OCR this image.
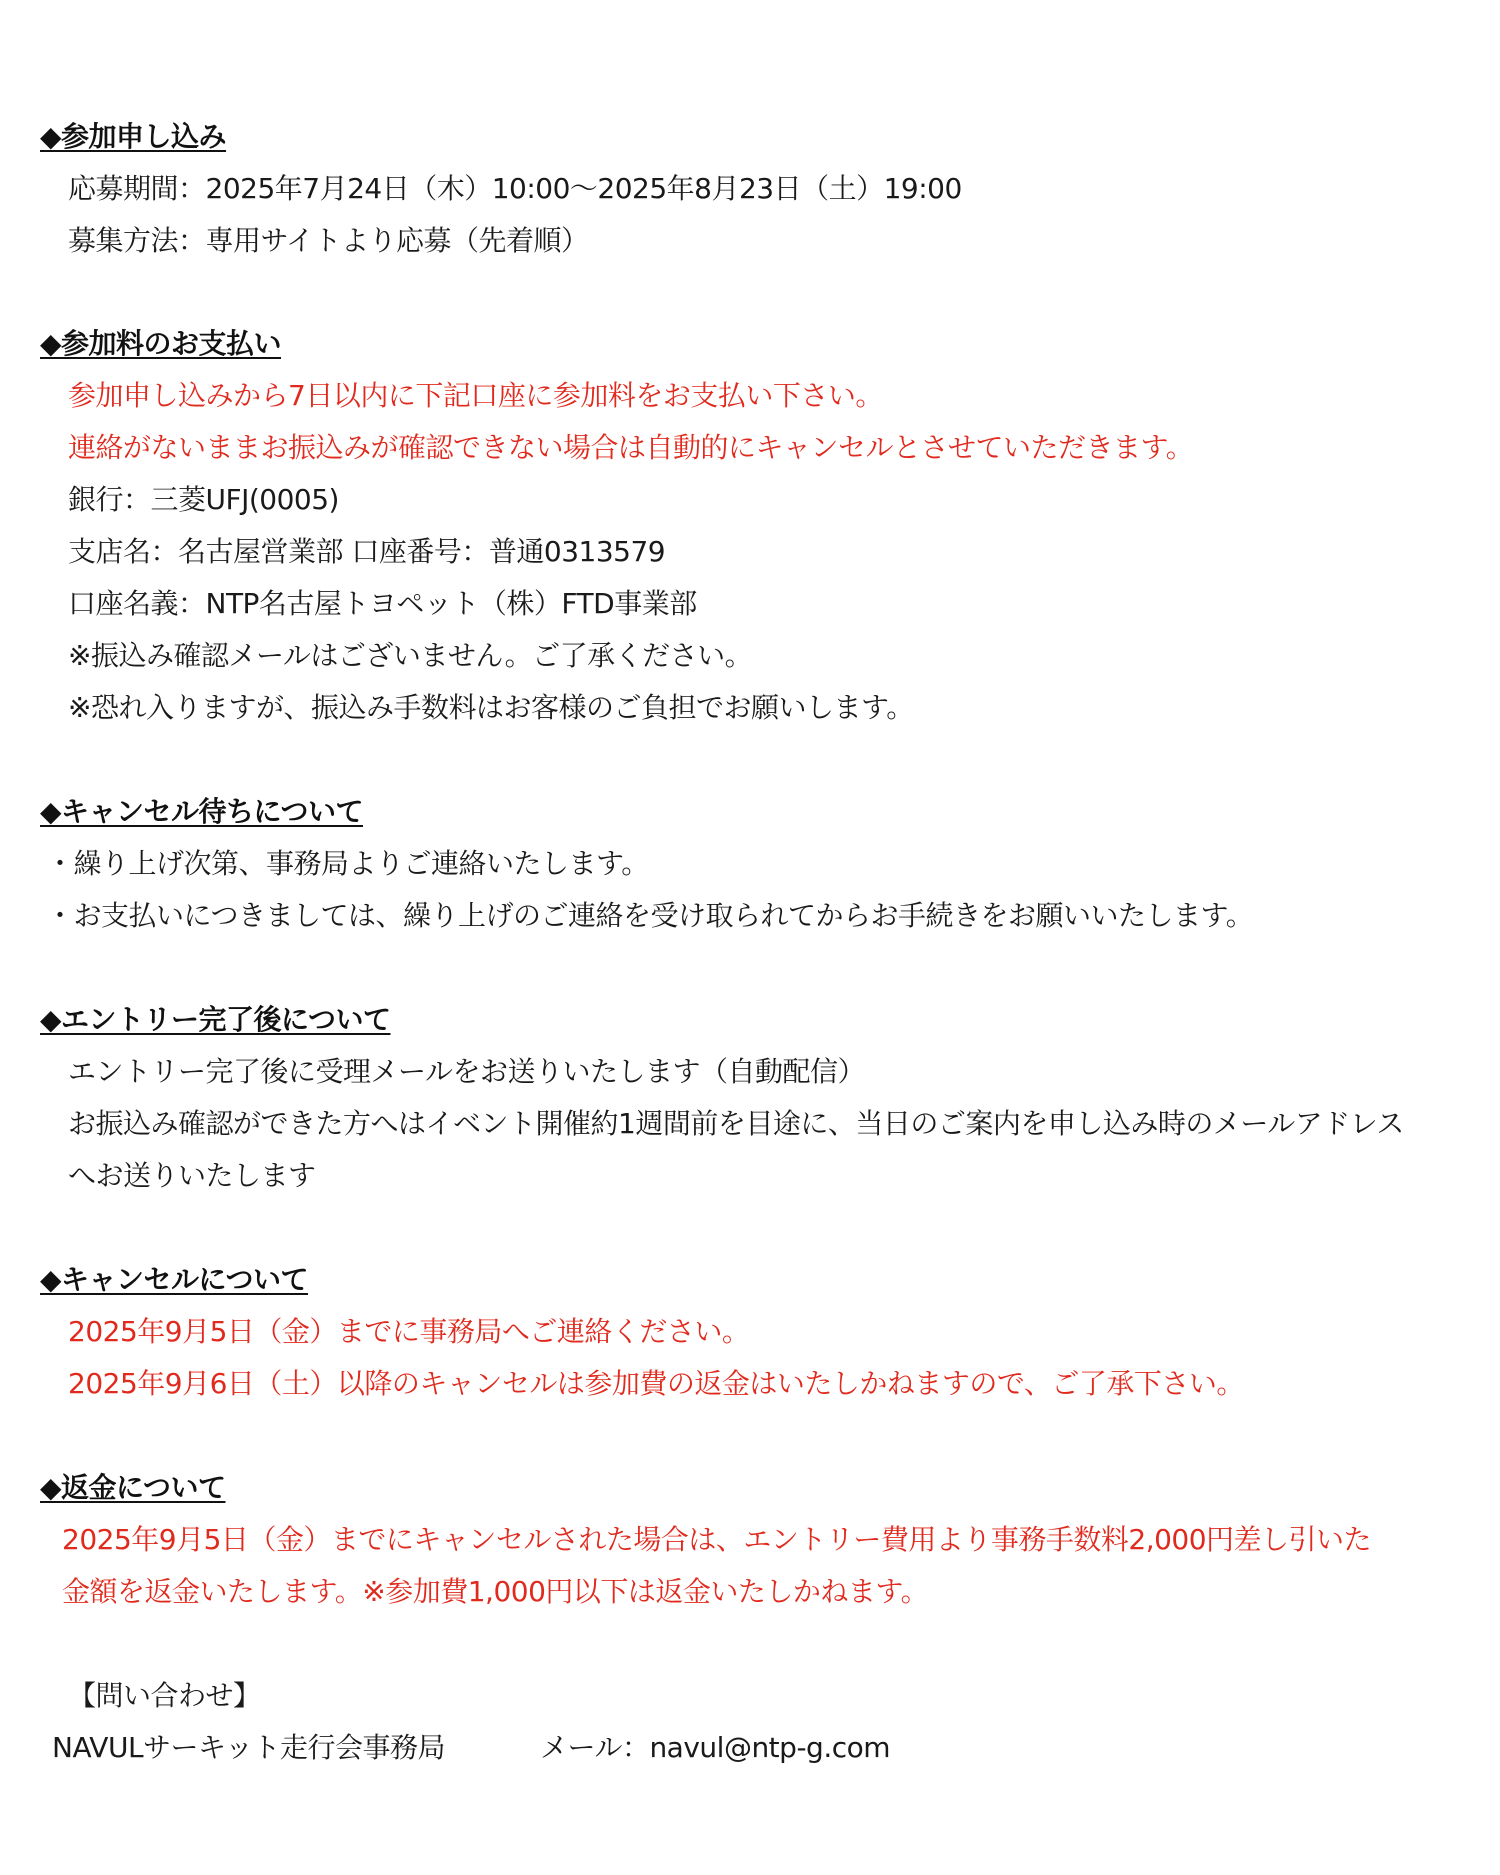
◆参加申し込み
応募期間：2025年7月24日（木）10:00～2025年8月23日（土）19:00
募集方法：専用サイトより応募（先着順）
◆参加料のお支払い
参加申し込みから7日以内に下記口座に参加料をお支払い下さい。
連絡がないままお振込みが確認できない場合は自動的にキャンセルとさせていただきます。
銀行：三菱UFJ(0005)
支店名：名古屋営業部 口座番号：普通0313579
口座名義：NTP名古屋トヨペット（株）FTD事業部
※振込み確認メールはございません。ご了承ください。
※恐れ入りますが、振込み手数料はお客様のご負担でお願いします。
◆キャンセル待ちについて
・繰り上げ次第、事務局よりご連絡いたします。
・お支払いにつきましては、繰り上げのご連絡を受け取られてからお手続きをお願いいたします。
◆エントリー完了後について
エントリー完了後に受理メールをお送りいたします（自動配信）
お振込み確認ができた方へはイベント開催約1週間前を目途に、当日のご案内を申し込み時のメールアドレス
へお送りいたします
◆キャンセルについて
2025年9月5日（金）までに事務局へご連絡ください。
2025年9月6日（土）以降のキャンセルは参加費の返金はいたしかねますので、ご了承下さい。
◆返金について
2025年9月5日（金）までにキャンセルされた場合は、エントリー費用より事務手数料2,000円差し引いた
金額を返金いたします。※参加費1,000円以下は返金いたしかねます。
【問い合わせ】
NAVULサーキット走行会事務局	メール：navul@ntp-g.com
